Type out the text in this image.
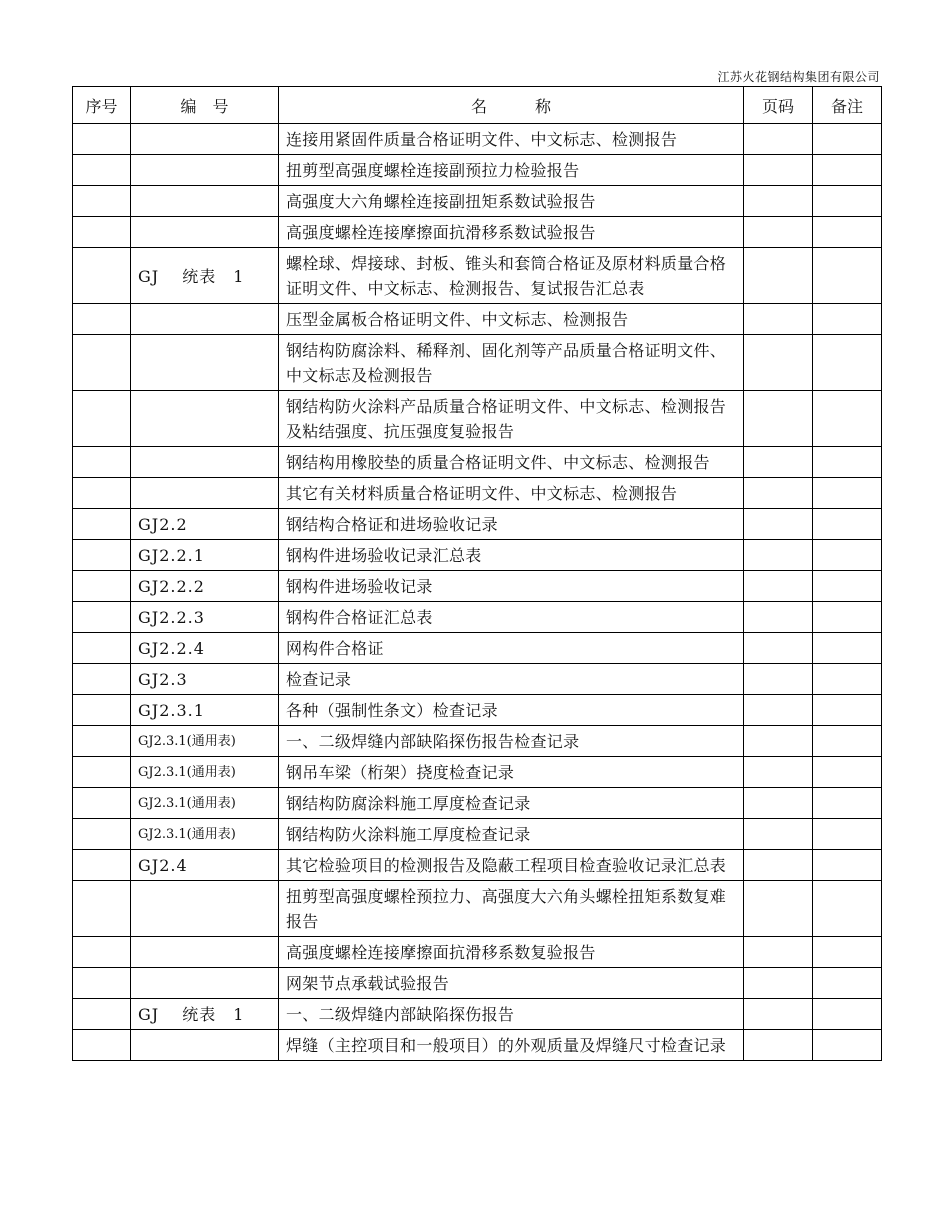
江苏火花钢结构集团有限公司
序号	编　号	名　　　称	页码	备注
		连接用紧固件质量合格证明文件、中文标志、检测报告		
		扭剪型高强度螺栓连接副预拉力检验报告		
		高强度大六角螺栓连接副扭矩系数试验报告		
		高强度螺栓连接摩擦面抗滑移系数试验报告		
	GJ　 统表　1	螺栓球、焊接球、封板、锥头和套筒合格证及原材料质量合格证明文件、中文标志、检测报告、复试报告汇总表		
		压型金属板合格证明文件、中文标志、检测报告		
		钢结构防腐涂料、稀释剂、固化剂等产品质量合格证明文件、中文标志及检测报告		
		钢结构防火涂料产品质量合格证明文件、中文标志、检测报告及粘结强度、抗压强度复验报告		
		钢结构用橡胶垫的质量合格证明文件、中文标志、检测报告		
		其它有关材料质量合格证明文件、中文标志、检测报告		
	GJ2.2	钢结构合格证和进场验收记录		
	GJ2.2.1	钢构件进场验收记录汇总表		
	GJ2.2.2	钢构件进场验收记录		
	GJ2.2.3	钢构件合格证汇总表		
	GJ2.2.4	网构件合格证		
	GJ2.3	检查记录		
	GJ2.3.1	各种（强制性条文）检查记录		
	GJ2.3.1(通用表)	一、二级焊缝内部缺陷探伤报告检查记录		
	GJ2.3.1(通用表)	钢吊车梁（桁架）挠度检查记录		
	GJ2.3.1(通用表)	钢结构防腐涂料施工厚度检查记录		
	GJ2.3.1(通用表)	钢结构防火涂料施工厚度检查记录		
	GJ2.4	其它检验项目的检测报告及隐蔽工程项目检查验收记录汇总表		
		扭剪型高强度螺栓预拉力、高强度大六角头螺栓扭矩系数复难报告		
		高强度螺栓连接摩擦面抗滑移系数复验报告		
		网架节点承载试验报告		
	GJ　 统表　1	一、二级焊缝内部缺陷探伤报告		
		焊缝（主控项目和一般项目）的外观质量及焊缝尺寸检查记录		
